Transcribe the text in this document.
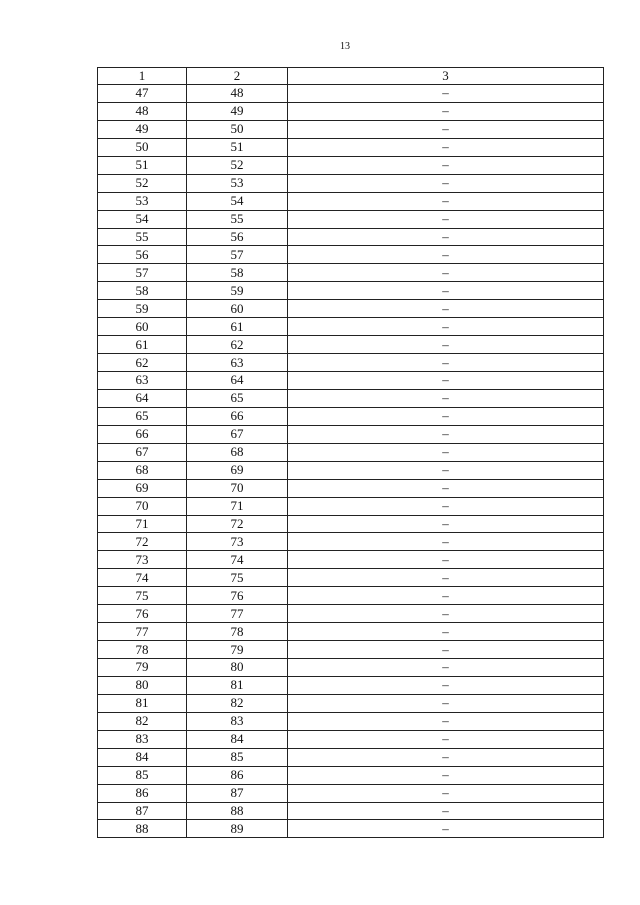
13
1	2	3
47	48	–
48	49	–
49	50	–
50	51	–
51	52	–
52	53	–
53	54	–
54	55	–
55	56	–
56	57	–
57	58	–
58	59	–
59	60	–
60	61	–
61	62	–
62	63	–
63	64	–
64	65	–
65	66	–
66	67	–
67	68	–
68	69	–
69	70	–
70	71	–
71	72	–
72	73	–
73	74	–
74	75	–
75	76	–
76	77	–
77	78	–
78	79	–
79	80	–
80	81	–
81	82	–
82	83	–
83	84	–
84	85	–
85	86	–
86	87	–
87	88	–
88	89	–
